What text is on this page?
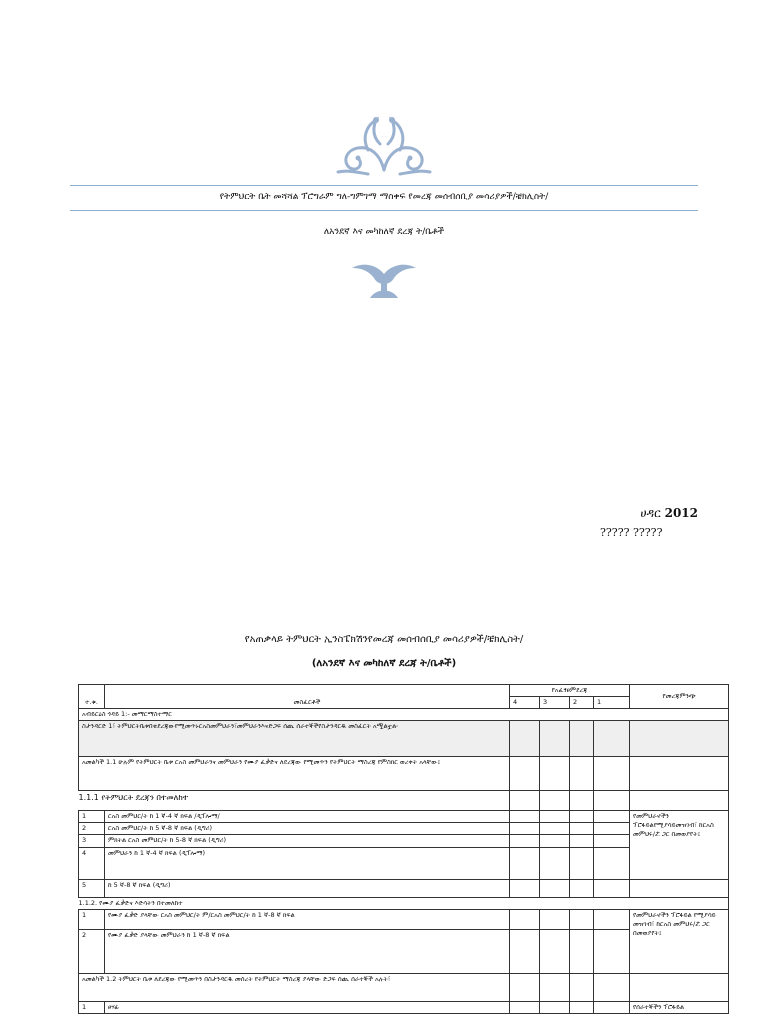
የትምህርት ቤት መሻሻል ፕሮግራም ግለ-ግምገማ ማስቀፍ የመረጃ መሰብሰቢያ መሳሪያዎች/ቼክሊስት/
ለአንደኛ እና መካከለኛ ደረጃ ት/ቤቶች
ሀዳር 2012
????? ?????
የአጠቃላይ ትምህርት ኢንስፔክሽንየመረጃ መሰብሰቢያ መሳሪያዎች/ቼክሊስት/
(ለአንደኛ እና መካከለኛ ደረጃ ት/ቤቶች)
ተ.ቁ.	መስፈርቶች	የአፈፃፀምደረጃ				የመረጃምንጭ
		4	3	2	1	
አብይርዕስ ጎዳይ 1:- መማርማስተማር						
ስታንዳርድ 1፣ ትምህርትቤቱበቂደረጃውየሚመጥኑርአስመምህራን፣መምህራንእናድጋፍ ሰጪ ሰራተኞችየስታንዳርዱ መስፈርት አሟልቷል፡						
አመልካች 1.1 ሁሉም የትምህርት ቤቱ ርአስ መምህራንና መምህራን የሙያ ፈቃድና ለደረጃው የሚመጥን የትምህርት ማስረጃ የምስክር ወረቀት አላቸው፤						
1.1.1 የትምህርት ደረጃን በተመለከተ						
1	ርአስ መምህር/ት ከ 1 ኛ-4 ኛ ክፍል /ዲፕሎማ/					የመምህራኖችን ፕሮፋይልየሚያሳይመዝገብ፣ ከርአስ መምህሩ/ሯ ጋር በመወያየት፤
2	ርአስ መምህር/ት ከ 5 ኛ-8 ኛ ክፍል (ዲግሪ)					
3	ምክትል ርአስ መምህር/ት ከ 5-8 ኛ ክፍል (ዲግሪ)					
4	መምህራን ከ 1 ኛ-4 ኛ ክፍል (ዲፕሎማ)					
5	ከ 5 ኛ-8 ኛ ክፍል (ዲግሪ)					
1.1.2. የሙያ ፈቃድና እድሳትን በተመለከተ						
1	የሙያ ፈቃድ ያላቸው ርአስ መምህር/ት ም/ርአስ መምህር/ት ከ 1 ኛ-8 ኛ ክፍል					የመምህራኖችን ፕሮፋይል የሚያሳይ መዝገብ፣ ከርአስ መምህሩ/ሯ ጋር በመወያየት፤
2	የሙያ ፈቃድ ያላቸው መምህራን ከ 1 ኛ-8 ኛ ክፍል					
አመልካች 1.2 ትምህርት ቤቱ ለደረጃው የሚመጥን በስታንዳርዱ መሰረት የትምህርት ማስረጃ ያላቸው ድጋፍ ሰጪ ሰራተኞች አሉት፣						
1	ፀሃፊ					የሰራተኞችን ፕሮፋይል
